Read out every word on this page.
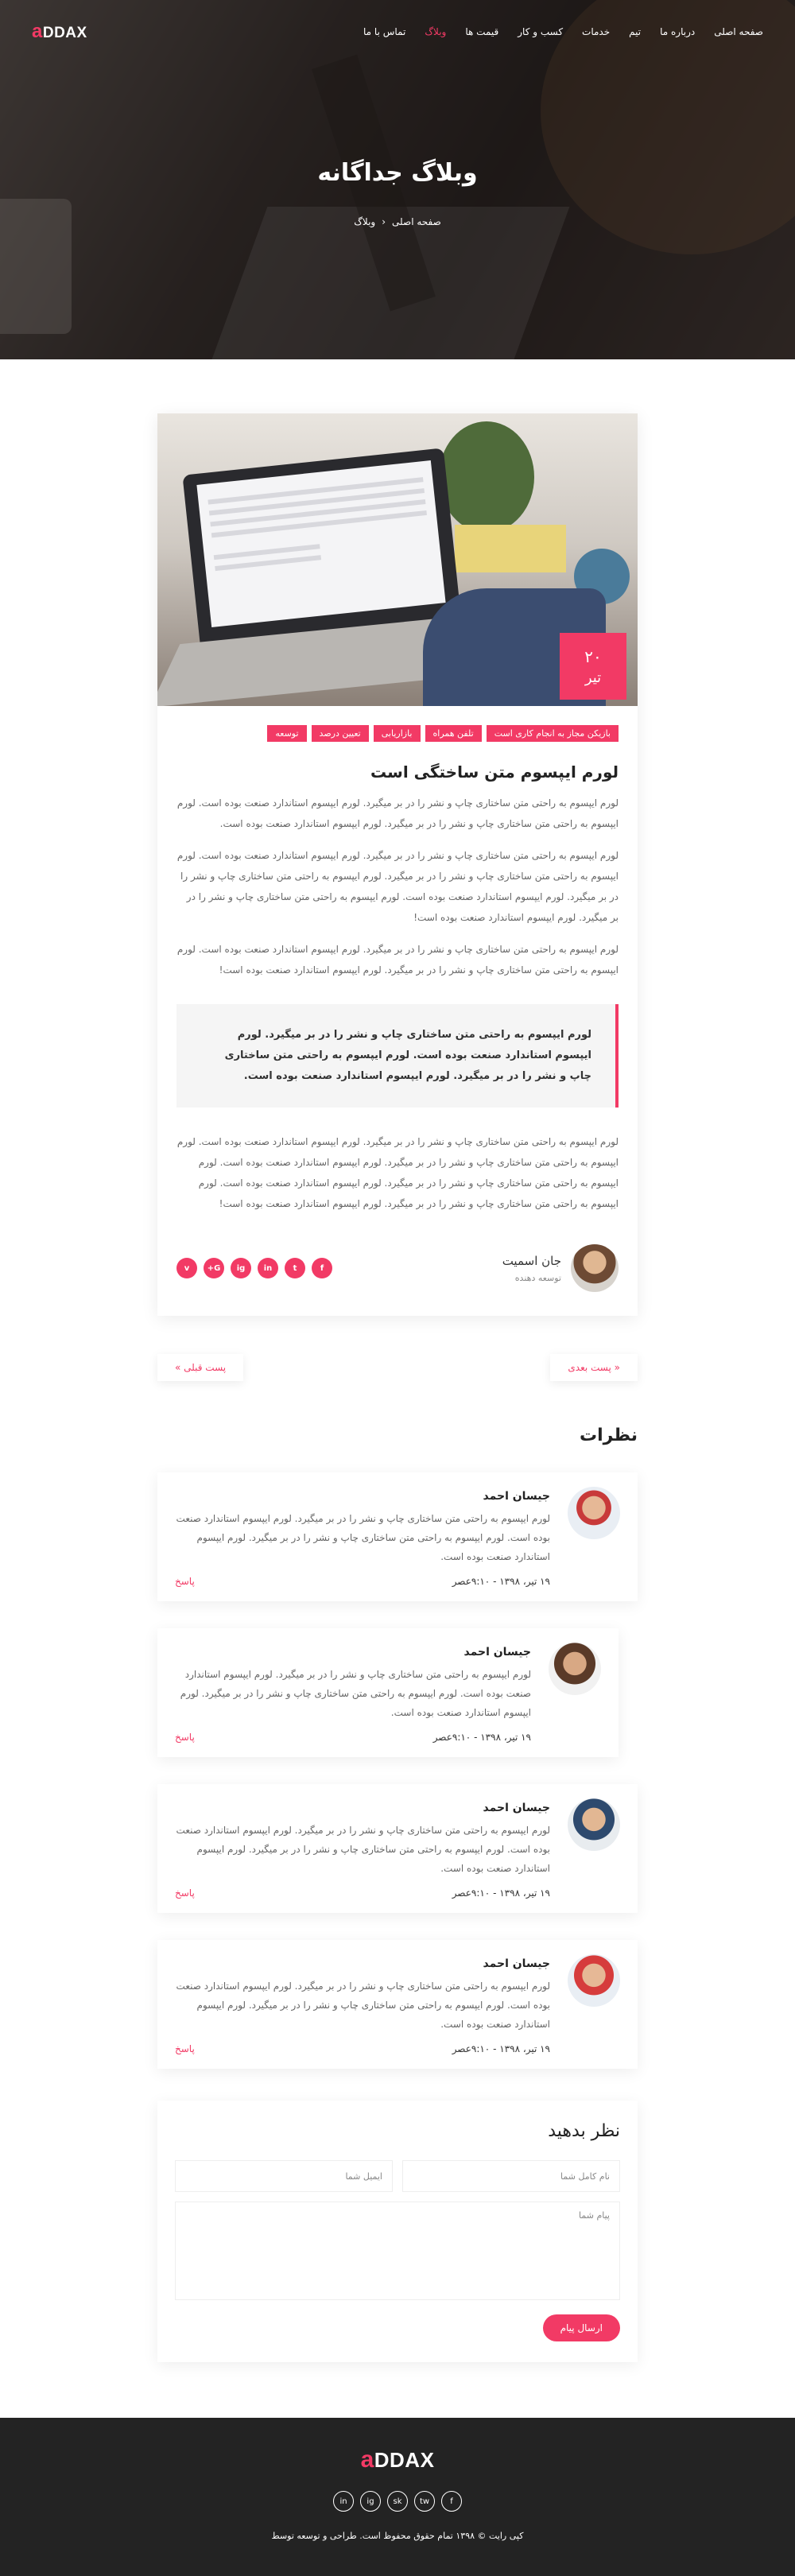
صفحه اصلی
درباره ما
تیم
خدمات
کسب و کار
قیمت ها
وبلاگ
تماس با ما
aDDAX
وبلاگ جداگانه
صفحه اصلی‹وبلاگ
۲۰
تیر
بازیکن مجاز به انجام کاری است
تلفن همراه
بازاریابی
تعیین درصد
توسعه
لورم ایپسوم متن ساختگی است

لورم ایپسوم به راحتی متن ساختاری چاپ و نشر را در بر میگیرد. لورم ایپسوم استاندارد صنعت بوده است. لورم ایپسوم به راحتی متن ساختاری چاپ و نشر را در بر میگیرد. لورم ایپسوم استاندارد صنعت بوده است.

لورم ایپسوم به راحتی متن ساختاری چاپ و نشر را در بر میگیرد. لورم ایپسوم استاندارد صنعت بوده است. لورم ایپسوم به راحتی متن ساختاری چاپ و نشر را در بر میگیرد. لورم ایپسوم به راحتی متن ساختاری چاپ و نشر را در بر میگیرد. لورم ایپسوم استاندارد صنعت بوده است. لورم ایپسوم به راحتی متن ساختاری چاپ و نشر را در بر میگیرد. لورم ایپسوم استاندارد صنعت بوده است!

لورم ایپسوم به راحتی متن ساختاری چاپ و نشر را در بر میگیرد. لورم ایپسوم استاندارد صنعت بوده است. لورم ایپسوم به راحتی متن ساختاری چاپ و نشر را در بر میگیرد. لورم ایپسوم استاندارد صنعت بوده است!

لورم ایپسوم به راحتی متن ساختاری چاپ و نشر را در بر میگیرد. لورم ایپسوم استاندارد صنعت بوده است. لورم ایپسوم به راحتی متن ساختاری چاپ و نشر را در بر میگیرد. لورم ایپسوم استاندارد صنعت بوده است.

لورم ایپسوم به راحتی متن ساختاری چاپ و نشر را در بر میگیرد. لورم ایپسوم استاندارد صنعت بوده است. لورم ایپسوم به راحتی متن ساختاری چاپ و نشر را در بر میگیرد. لورم ایپسوم استاندارد صنعت بوده است. لورم ایپسوم به راحتی متن ساختاری چاپ و نشر را در بر میگیرد. لورم ایپسوم استاندارد صنعت بوده است. لورم ایپسوم به راحتی متن ساختاری چاپ و نشر را در بر میگیرد. لورم ایپسوم استاندارد صنعت بوده است!

جان اسمیت
توسعه دهنده
f
t
in
ig
G+
v
« پست بعدی
پست قبلی »
نظرات
جیسان احمد

لورم ایپسوم به راحتی متن ساختاری چاپ و نشر را در بر میگیرد. لورم ایپسوم استاندارد صنعت بوده است. لورم ایپسوم به راحتی متن ساختاری چاپ و نشر را در بر میگیرد. لورم ایپسوم استاندارد صنعت بوده است.

۱۹ تیر، ۱۳۹۸ - ۹:۱۰عصر
پاسخ
جیسان احمد

لورم ایپسوم به راحتی متن ساختاری چاپ و نشر را در بر میگیرد. لورم ایپسوم استاندارد صنعت بوده است. لورم ایپسوم به راحتی متن ساختاری چاپ و نشر را در بر میگیرد. لورم ایپسوم استاندارد صنعت بوده است.

۱۹ تیر، ۱۳۹۸ - ۹:۱۰عصر
پاسخ
جیسان احمد

لورم ایپسوم به راحتی متن ساختاری چاپ و نشر را در بر میگیرد. لورم ایپسوم استاندارد صنعت بوده است. لورم ایپسوم به راحتی متن ساختاری چاپ و نشر را در بر میگیرد. لورم ایپسوم استاندارد صنعت بوده است.

۱۹ تیر، ۱۳۹۸ - ۹:۱۰عصر
پاسخ
جیسان احمد

لورم ایپسوم به راحتی متن ساختاری چاپ و نشر را در بر میگیرد. لورم ایپسوم استاندارد صنعت بوده است. لورم ایپسوم به راحتی متن ساختاری چاپ و نشر را در بر میگیرد. لورم ایپسوم استاندارد صنعت بوده است.

۱۹ تیر، ۱۳۹۸ - ۹:۱۰عصر
پاسخ
نظر بدهید
نام کامل شما
ایمیل شما
پیام شما
ارسال پیام
aDDAX
in	ig	sk	tw	f
کپی رایت © ۱۳۹۸ تمام حقوق محفوظ است. طراحی و توسعه توسط
